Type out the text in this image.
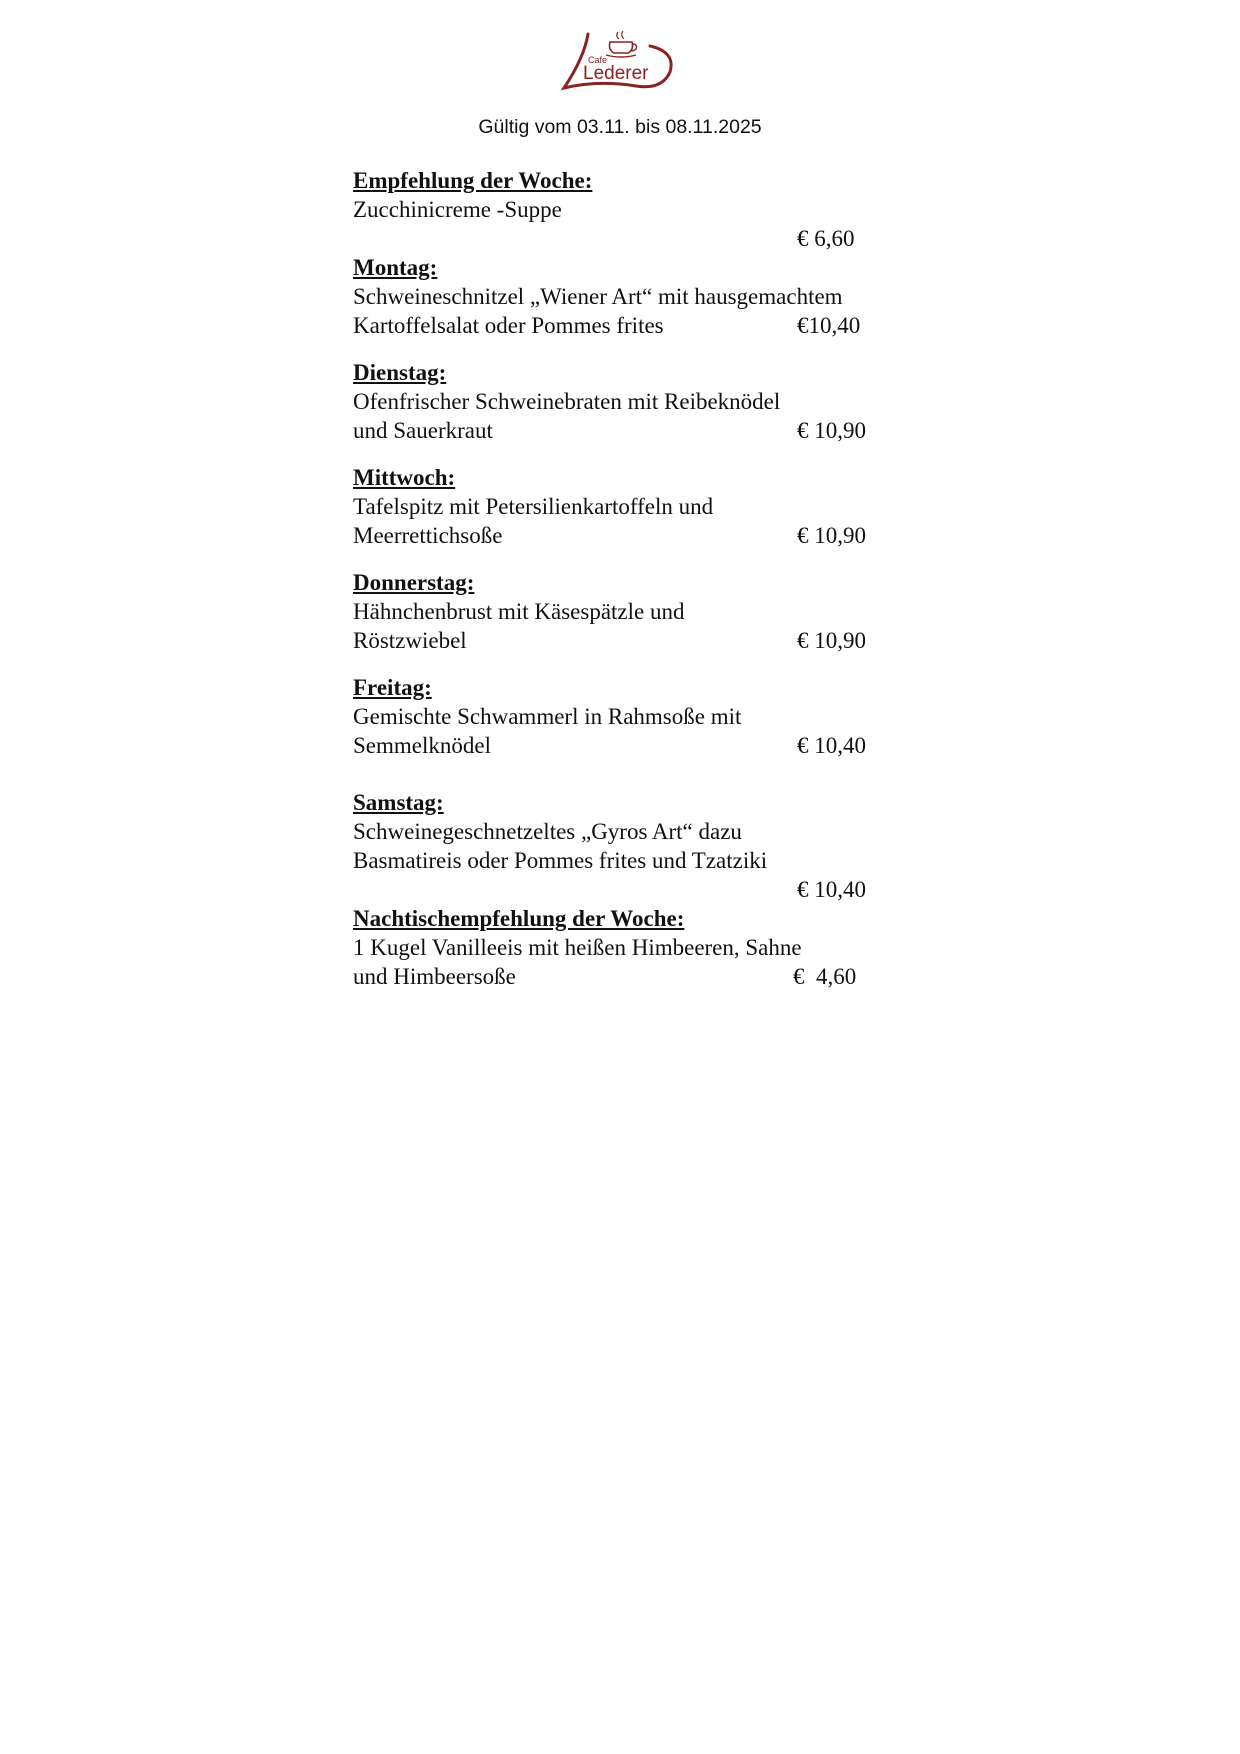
Cafe
Lederer
Gültig vom 03.11. bis 08.11.2025
Empfehlung der Woche:
Zucchinicreme -Suppe
€ 6,60
Montag:
Schweineschnitzel „Wiener Art“ mit hausgemachtem
Kartoffelsalat oder Pommes frites	€10,40
Dienstag:
Ofenfrischer Schweinebraten mit Reibeknödel
und Sauerkraut	€ 10,90
Mittwoch:
Tafelspitz mit Petersilienkartoffeln und
Meerrettichsoße	€ 10,90
Donnerstag:
Hähnchenbrust mit Käsespätzle und
Röstzwiebel	€ 10,90
Freitag:
Gemischte Schwammerl in Rahmsoße mit
Semmelknödel	€ 10,40
Samstag:
Schweinegeschnetzeltes „Gyros Art“ dazu
Basmatireis oder Pommes frites und Tzatziki
€ 10,40
Nachtischempfehlung der Woche:
1 Kugel Vanilleeis mit heißen Himbeeren, Sahne
und Himbeersoße	€  4,60
